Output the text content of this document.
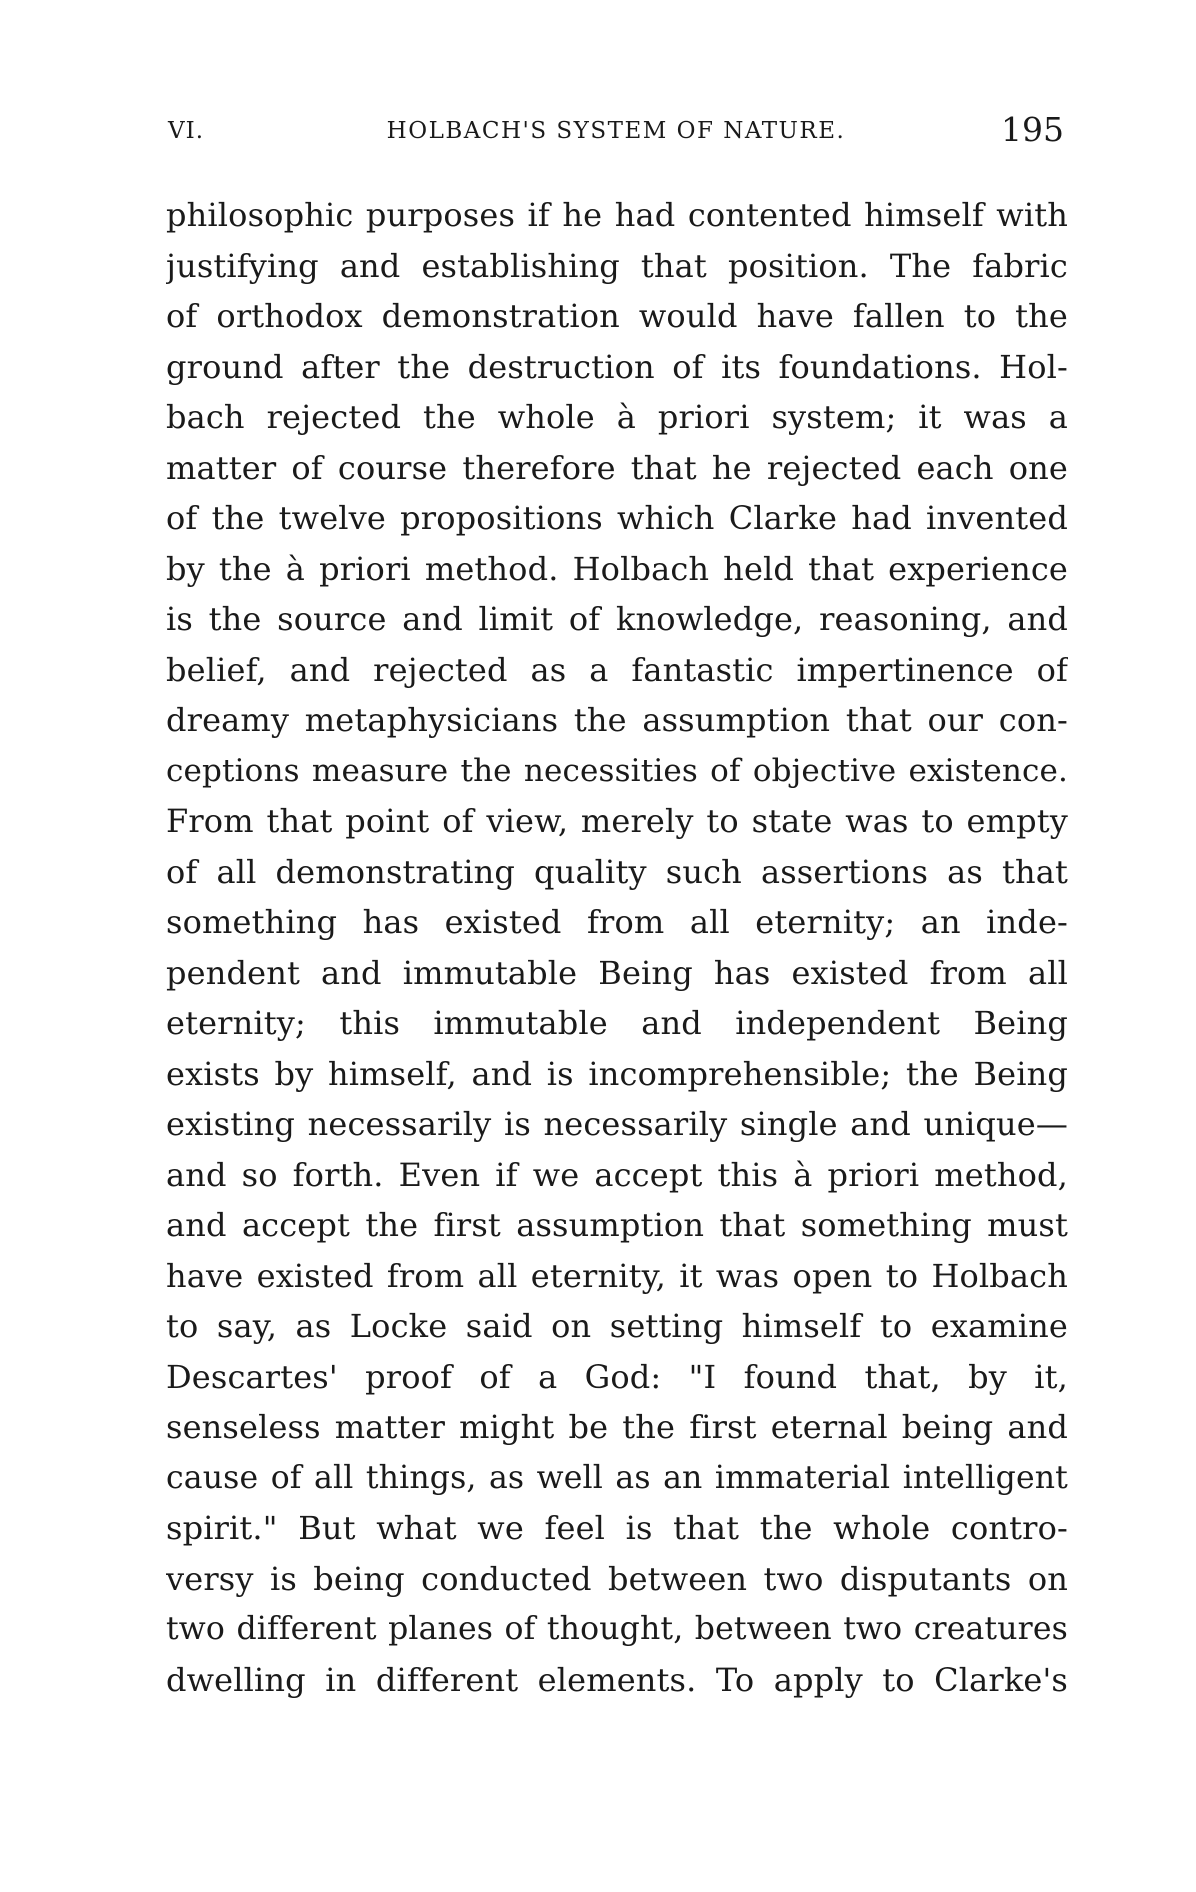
VI.	HOLBACH'S SYSTEM OF NATURE.	195
philosophic purposes if he had contented himself with
justifying and establishing that position. The fabric
of orthodox demonstration would have fallen to the
ground after the destruction of its foundations. Hol-
bach rejected the whole à priori system; it was a
matter of course therefore that he rejected each one
of the twelve propositions which Clarke had invented
by the à priori method. Holbach held that experience
is the source and limit of knowledge, reasoning, and
belief, and rejected as a fantastic impertinence of
dreamy metaphysicians the assumption that our con-
ceptions measure the necessities of objective existence.
From that point of view, merely to state was to empty
of all demonstrating quality such assertions as that
something has existed from all eternity; an inde-
pendent and immutable Being has existed from all
eternity; this immutable and independent Being
exists by himself, and is incomprehensible; the Being
existing necessarily is necessarily single and unique—
and so forth. Even if we accept this à priori method,
and accept the first assumption that something must
have existed from all eternity, it was open to Holbach
to say, as Locke said on setting himself to examine
Descartes' proof of a God: "I found that, by it,
senseless matter might be the first eternal being and
cause of all things, as well as an immaterial intelligent
spirit." But what we feel is that the whole contro-
versy is being conducted between two disputants on
two different planes of thought, between two creatures
dwelling in different elements. To apply to Clarke's
